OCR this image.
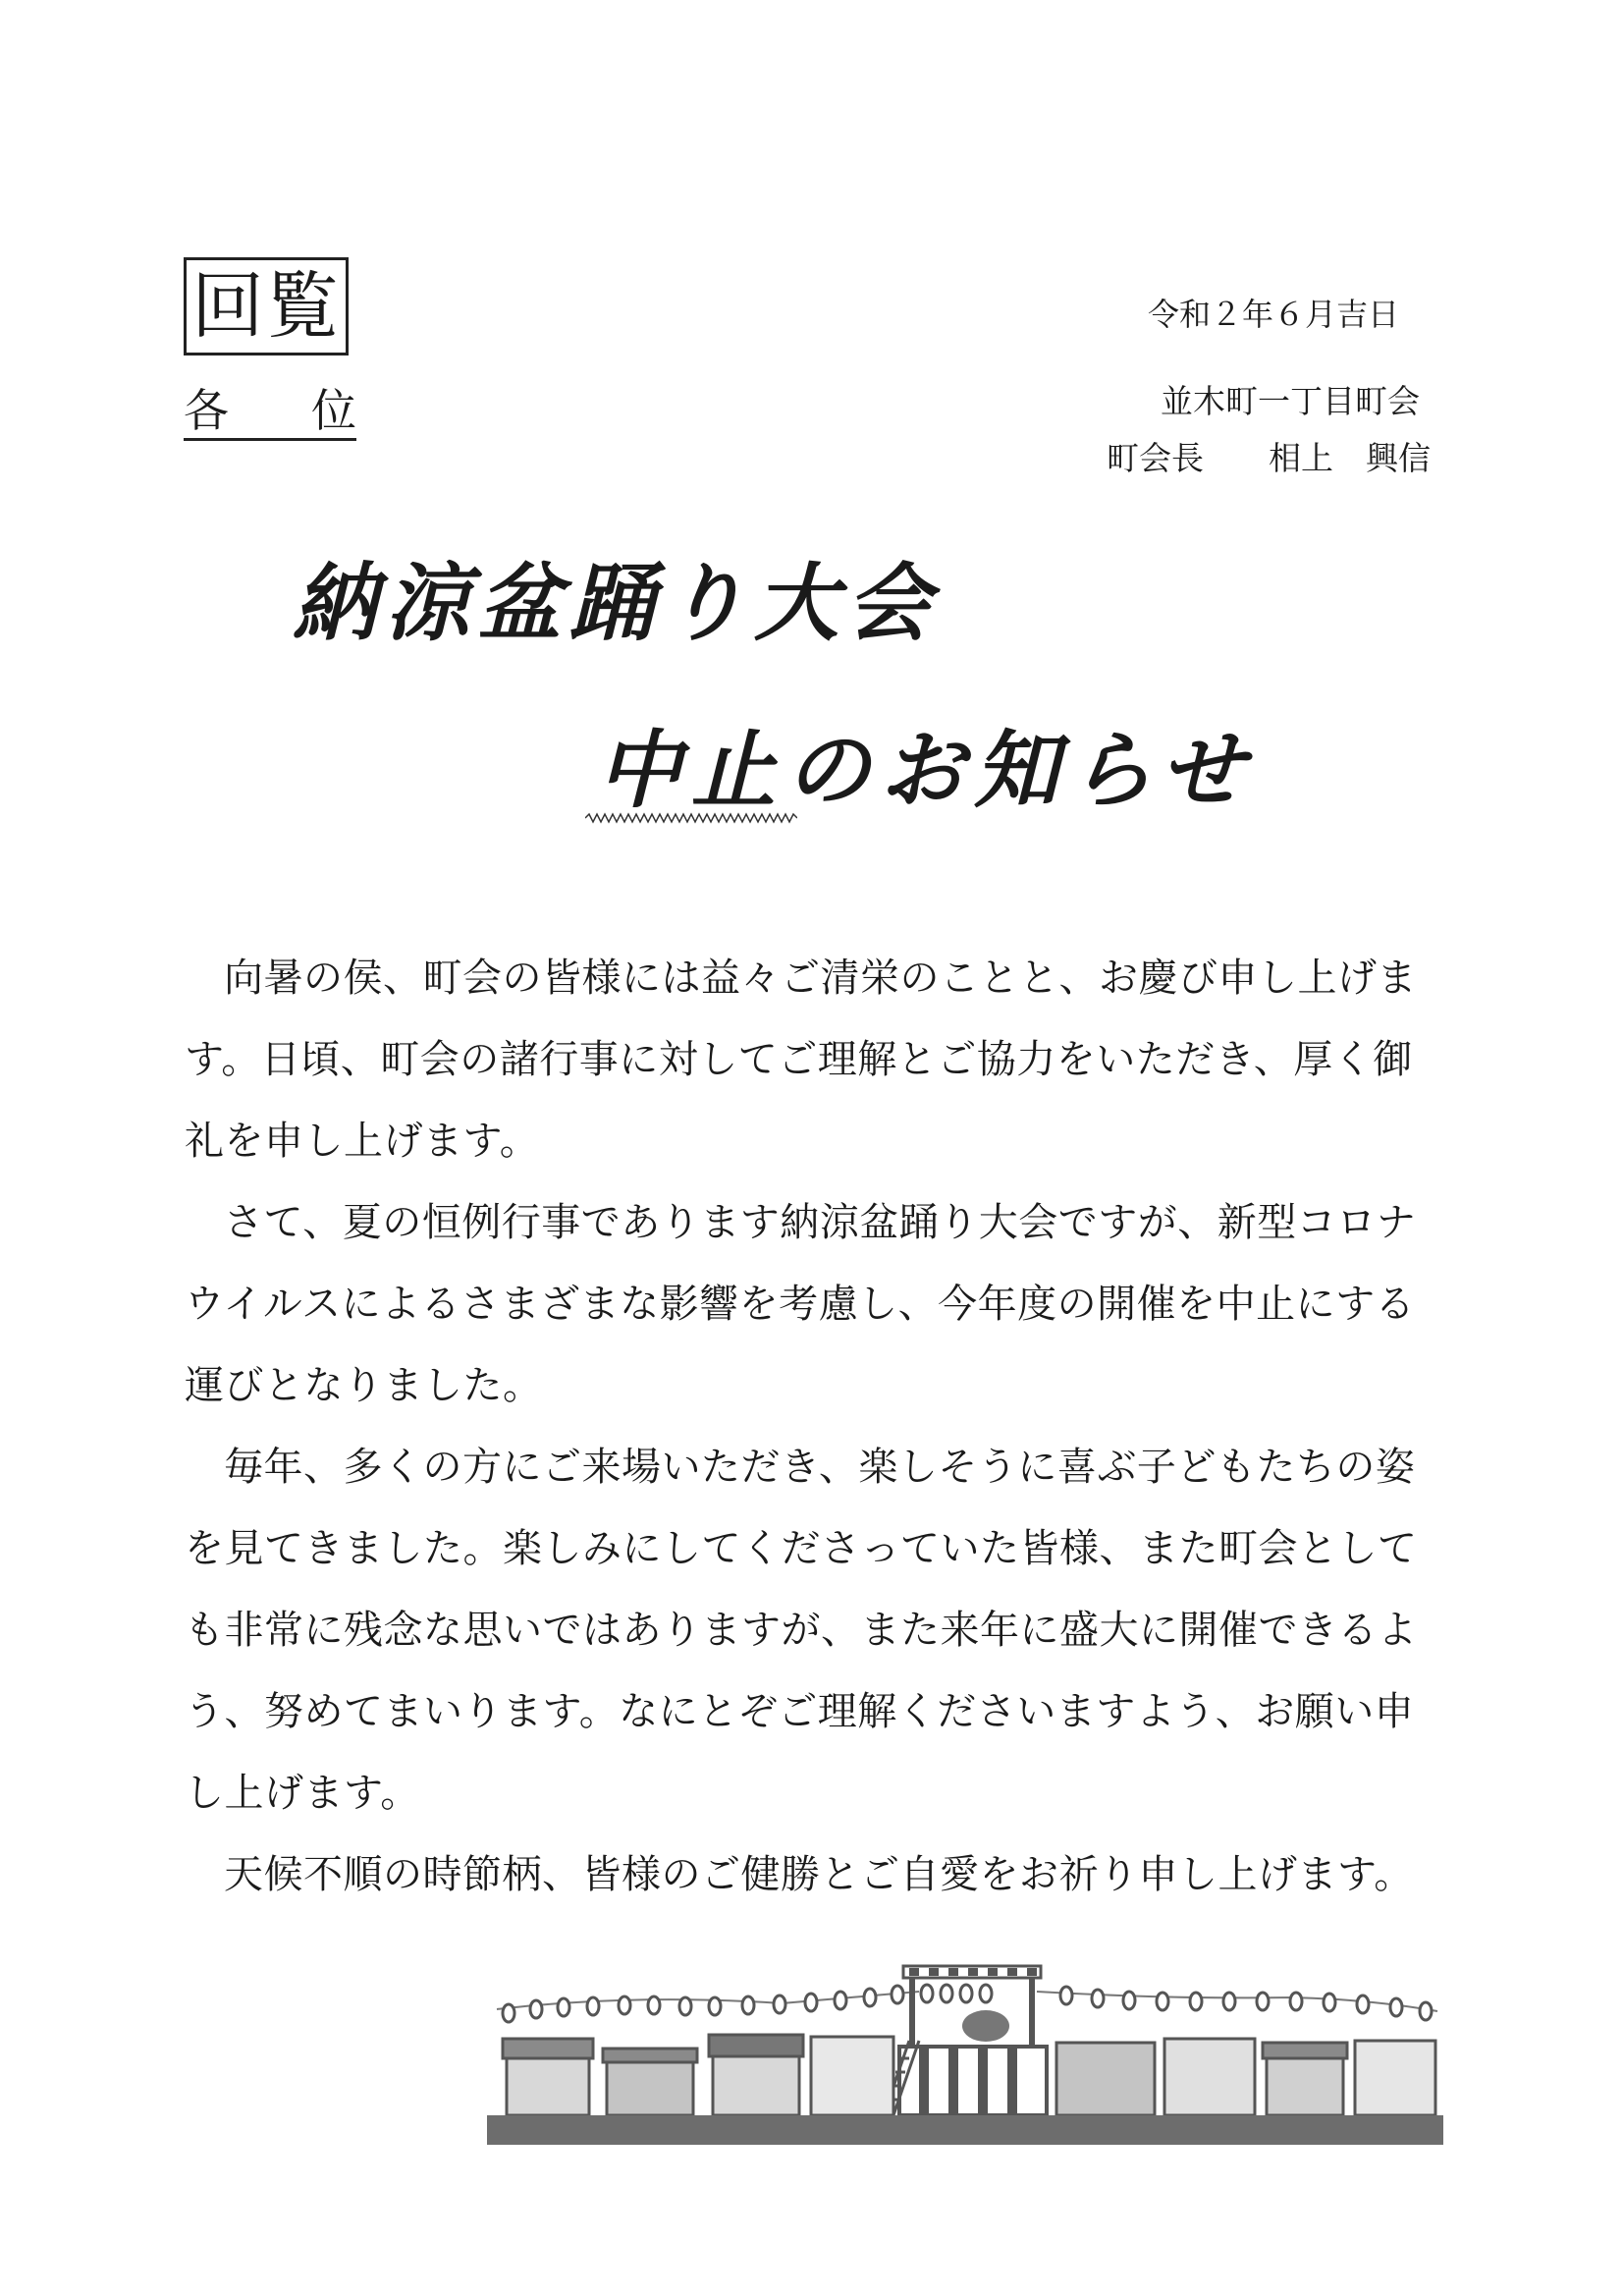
回覧
各 位
令和２年６月吉日
並木町一丁目町会
町会長　　相上　興信
納涼盆踊り大会
中止のお知らせ

向暑の侯、町会の皆様には益々ご清栄のことと、お慶び申し上げます。日頃、町会の諸行事に対してご理解とご協力をいただき、厚く御礼を申し上げます。

さて、夏の恒例行事であります納涼盆踊り大会ですが、新型コロナウイルスによるさまざまな影響を考慮し、今年度の開催を中止にする運びとなりました。

毎年、多くの方にご来場いただき、楽しそうに喜ぶ子どもたちの姿を見てきました。楽しみにしてくださっていた皆様、また町会としても非常に残念な思いではありますが、また来年に盛大に開催できるよう、努めてまいります。なにとぞご理解くださいますよう、お願い申し上げます。

天候不順の時節柄、皆様のご健勝とご自愛をお祈り申し上げます。
